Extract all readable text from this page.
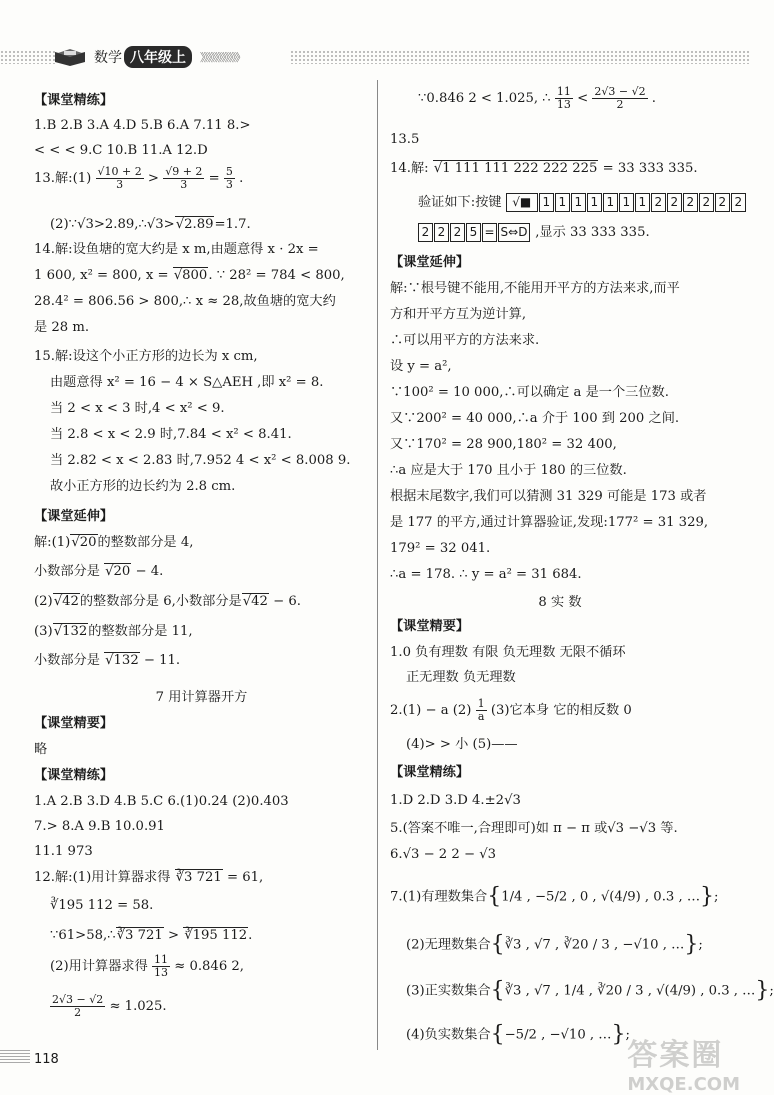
数学 八年级上	》》》》》》》》》》》
【课堂精练】
1.B 2.B 3.A 4.D 5.B 6.A 7.11 8.>
< < < 9.C 10.B 11.A 12.D
13.解:(1) $\frac{√10 + 2}{3} > \frac{√9 + 2}{3} = \frac{5}{3}$ .
(2)∵√3>2.89,∴√3>√2.89=1.7.
14.解:设鱼塘的宽大约是 x m,由题意得 x · 2x =
1 600, x² = 800, x = √800. ∵ 28² = 784 < 800,
28.4² = 806.56 > 800,∴ x ≈ 28,故鱼塘的宽大约
是 28 m.
15.解:设这个小正方形的边长为 x cm,
由题意得 x² = 16 − 4 × S△AEH ,即 x² = 8.
当 2 < x < 3 时,4 < x² < 9.
当 2.8 < x < 2.9 时,7.84 < x² < 8.41.
当 2.82 < x < 2.83 时,7.952 4 < x² < 8.008 9.
故小正方形的边长约为 2.8 cm.
【课堂延伸】
解:(1)√20的整数部分是 4,
小数部分是 √20 − 4.
(2)√42的整数部分是 6,小数部分是√42 − 6.
(3)√132的整数部分是 11,
小数部分是 √132 − 11.
7 用计算器开方
【课堂精要】
略
【课堂精练】
1.A 2.B 3.D 4.B 5.C 6.(1)0.24 (2)0.403
7.> 8.A 9.B 10.0.91
11.1 973
12.解:(1)用计算器求得 ∛3 721 = 61,
∛195 112 = 58.
∵61>58,∴∛3 721 > ∛195 112.
(2)用计算器求得 $\frac{11}{13} \approx 0.846$ 2,
$\frac{2√3 - √2}{2} \approx 1.025$.
∵0.846 2 < 1.025, ∴ $\frac{11}{13} < \frac{2√3 - √2}{2}$ .
13.5
14.解: √1 111 111 222 222 225 = 33 333 335.
验证如下:按键 √■ 1 1 1 1 1 1 1 2 2 2 2 2 2
2 2 2 5 = S⇔D ,显示 33 333 335.
【课堂延伸】
解:∵根号键不能用,不能用开平方的方法来求,而平
方和开平方互为逆计算,
∴可以用平方的方法来求.
设 y = a²,
∵100² = 10 000,∴可以确定 a 是一个三位数.
又∵200² = 40 000,∴a 介于 100 到 200 之间.
又∵170² = 28 900,180² = 32 400,
∴a 应是大于 170 且小于 180 的三位数.
根据末尾数字,我们可以猜测 31 329 可能是 173 或者
是 177 的平方,通过计算器验证,发现:177² = 31 329,
179² = 32 041.
∴a = 178. ∴ y = a² = 31 684.
8 实 数
【课堂精要】
1.0 负有理数 有限 负无理数 无限不循环
正无理数 负无理数
2.(1) − a $(2) \frac{1}{a} (3)$它本身 它的相反数 0
(4)> > 小 (5)——
【课堂精练】
1.D 2.D 3.D 4.±2√3
5.(答案不唯一,合理即可)如 π − π 或√3 −√3 等.
6.√3 − 2 2 − √3
7.(1)有理数集合{1/4 , −5/2 , 0 , √(4/9) , 0.3 , …};
(2)无理数集合{∛3 , √7 , ∛20 / 3 , −√10 , …};
(3)正实数集合{∛3 , √7 , 1/4 , ∛20 / 3 , √(4/9) , 0.3 , …};
(4)负实数集合{−5/2 , −√10 , …};
118	答案圈
MXQE.COM
